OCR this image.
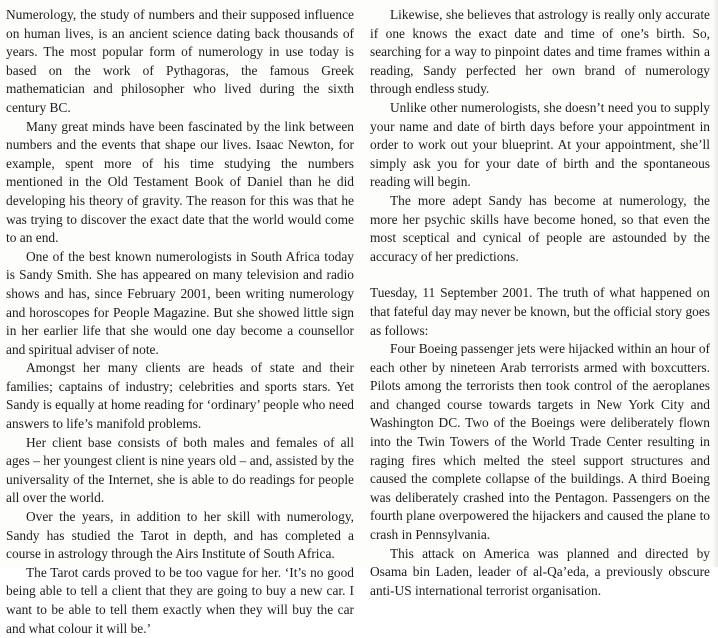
Numerology, the study of numbers and their supposed influence on human lives, is an ancient science dating back thousands of years. The most popular form of numerology in use today is based on the work of Pythagoras, the famous Greek mathematician and philosopher who lived during the sixth century BC.

Many great minds have been fascinated by the link between numbers and the events that shape our lives. Isaac Newton, for example, spent more of his time studying the numbers mentioned in the Old Testament Book of Daniel than he did developing his theory of gravity. The reason for this was that he was trying to discover the exact date that the world would come to an end.

One of the best known numerologists in South Africa today is Sandy Smith. She has appeared on many television and radio shows and has, since February 2001, been writing numerology and horoscopes for People Magazine. But she showed little sign in her earlier life that she would one day become a counsellor and spiritual adviser of note.

Amongst her many clients are heads of state and their families; captains of industry; celebrities and sports stars. Yet Sandy is equally at home reading for ‘ordinary’ people who need answers to life’s manifold problems.

Her client base consists of both males and females of all ages – her youngest client is nine years old – and, assisted by the universality of the Internet, she is able to do readings for people all over the world.

Over the years, in addition to her skill with numerology, Sandy has studied the Tarot in depth, and has completed a course in astrology through the Airs Institute of South Africa.

The Tarot cards proved to be too vague for her. ‘It’s no good being able to tell a client that they are going to buy a new car. I want to be able to tell them exactly when they will buy the car and what colour it will be.’

Likewise, she believes that astrology is really only accurate if one knows the exact date and time of one’s birth. So, searching for a way to pinpoint dates and time frames within a reading, Sandy perfected her own brand of numerology through endless study.

Unlike other numerologists, she doesn’t need you to supply your name and date of birth days before your appointment in order to work out your blueprint. At your appointment, she’ll simply ask you for your date of birth and the spontaneous reading will begin.

The more adept Sandy has become at numerology, the more her psychic skills have become honed, so that even the most sceptical and cynical of people are astounded by the accuracy of her predictions.

Tuesday, 11 September 2001. The truth of what happened on that fateful day may never be known, but the official story goes as follows:

Four Boeing passenger jets were hijacked within an hour of each other by nineteen Arab terrorists armed with boxcutters. Pilots among the terrorists then took control of the aeroplanes and changed course towards targets in New York City and Washington DC. Two of the Boeings were deliberately flown into the Twin Towers of the World Trade Center resulting in raging fires which melted the steel support structures and caused the complete collapse of the buildings. A third Boeing was deliberately crashed into the Pentagon. Passengers on the fourth plane overpowered the hijackers and caused the plane to crash in Pennsylvania.

This attack on America was planned and directed by Osama bin Laden, leader of al-Qa’eda, a previously obscure anti-US international terrorist organisation.
